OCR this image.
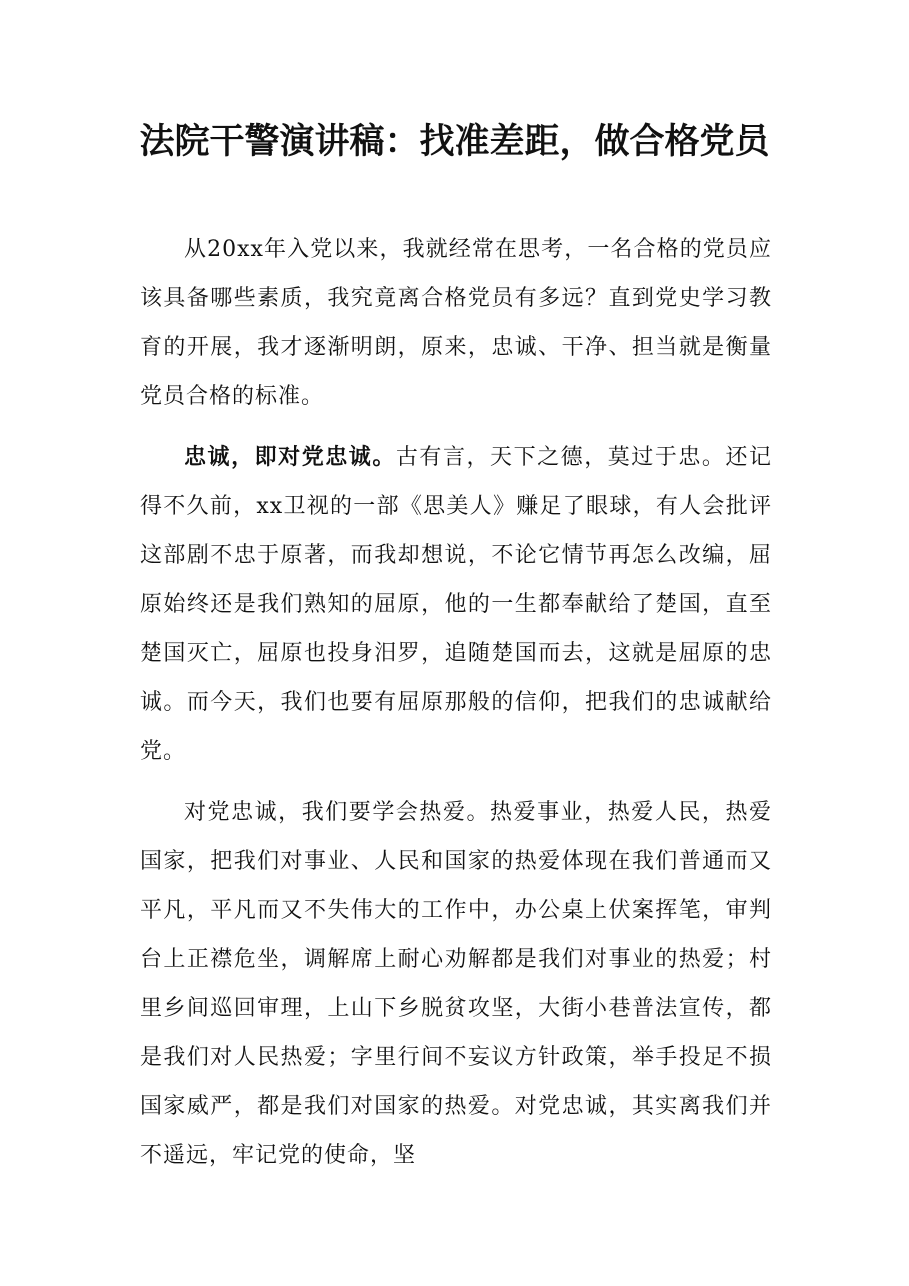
法院干警演讲稿：找准差距，做合格党员

从20xx年入党以来，我就经常在思考，一名合格的党员应该具备哪些素质，我究竟离合格党员有多远？直到党史学习教育的开展，我才逐渐明朗，原来，忠诚、干净、担当就是衡量党员合格的标准。

忠诚，即对党忠诚。古有言，天下之德，莫过于忠。还记得不久前，xx卫视的一部《思美人》赚足了眼球，有人会批评这部剧不忠于原著，而我却想说，不论它情节再怎么改编，屈原始终还是我们熟知的屈原，他的一生都奉献给了楚国，直至楚国灭亡，屈原也投身汨罗，追随楚国而去，这就是屈原的忠诚。而今天，我们也要有屈原那般的信仰，把我们的忠诚献给党。

对党忠诚，我们要学会热爱。热爱事业，热爱人民，热爱国家，把我们对事业、人民和国家的热爱体现在我们普通而又平凡，平凡而又不失伟大的工作中，办公桌上伏案挥笔，审判台上正襟危坐，调解席上耐心劝解都是我们对事业的热爱；村里乡间巡回审理，上山下乡脱贫攻坚，大街小巷普法宣传，都是我们对人民热爱；字里行间不妄议方针政策，举手投足不损国家威严，都是我们对国家的热爱。对党忠诚，其实离我们并不遥远，牢记党的使命，坚
